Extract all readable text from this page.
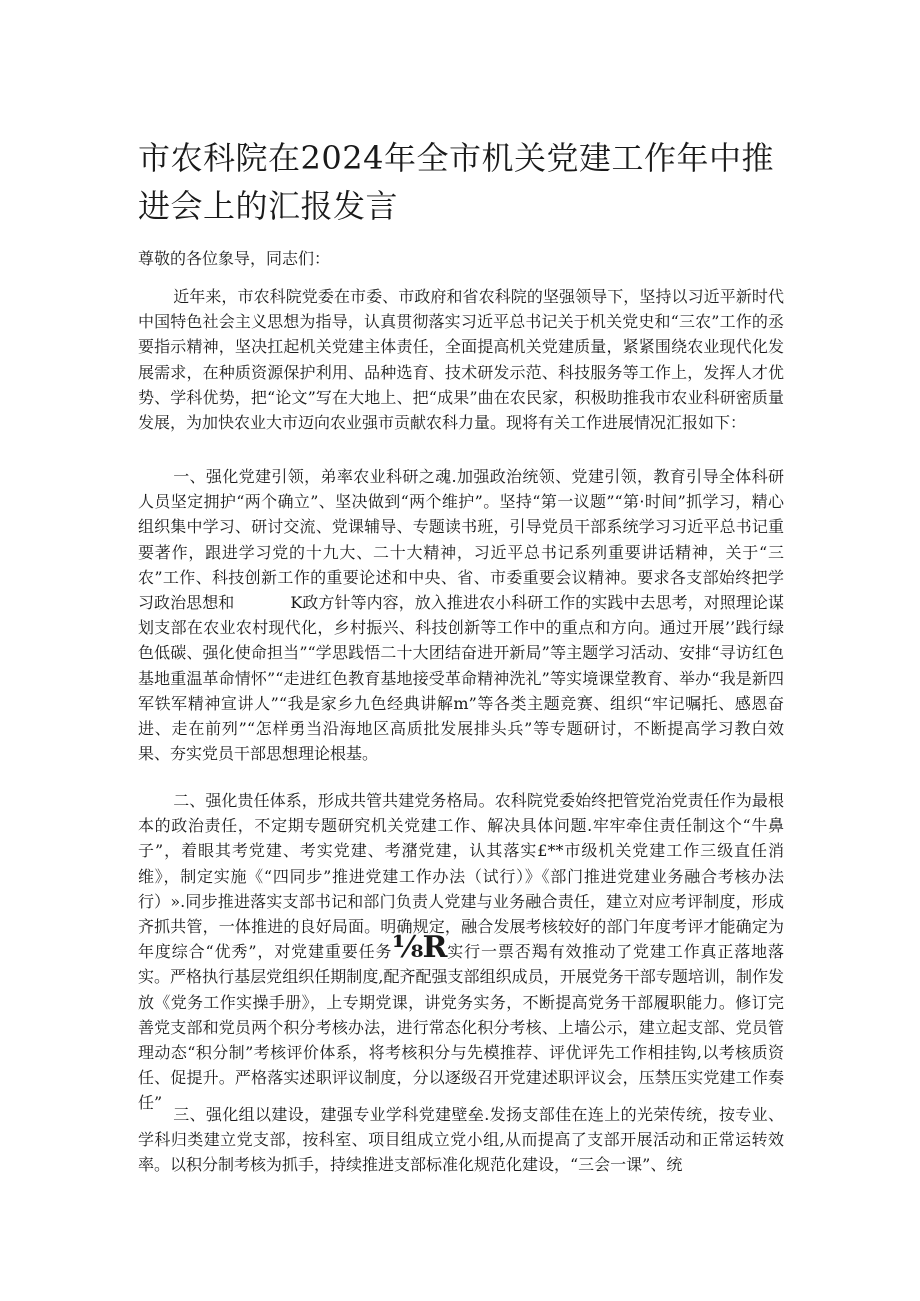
市农科院在2024年全市机关党建工作年中推进会上的汇报发言

尊敬的各位象导，同志们：

近年来，市农科院党委在市委、市政府和省农科院的坚强领导下，坚持以习近平新时代中国特色社会主义思想为指导，认真贯彻落实习近平总书记关于机关党史和“三农”工作的丞要指示精神，坚决扛起机关党建主体责任，全面提高机关党建质量，紧紧围绕农业现代化发展需求，在种质资源保护利用、品种选育、技术研发示范、科技服务等工作上，发挥人才优势、学科优势，把“论文”写在大地上、把“成果”曲在农民家，积极助推我市农业科研密质量发展，为加快农业大市迈向农业强市贡献农科力量。现将有关工作进展情况汇报如下：

一、强化党建引领，弟率农业科研之魂.加强政治统领、党建引领，教育引导全体科研人员坚定拥护“两个确立”、坚决做到“两个维护”。坚持“第一议题”“第·时间”抓学习，精心组织集中学习、研讨交流、党课辅导、专题读书班，引导党员干部系统学习习近平总书记重要著作，跟进学习党的十九大、二十大精神，习近平总书记系列重要讲话精神，关于“三农”工作、科技创新工作的重要论述和中央、省、市委重要会议精神。要求各支部始终把学习政治思想和	K政方针等内容，放入推进农小科研工作的实践中去思考，对照理论谋划支部在农业农村现代化，乡村振兴、科技创新等工作中的重点和方向。通过开展’’践行绿色低碳、强化使命担当”“学思践悟二十大团结奋进开新局”等主题学习活动、安排“寻访红色基地重温革命情怀”“走进红色教育基地接受革命精神洗礼”等实境课堂教育、举办“我是新四军铁军精神宣讲人”“我是家乡九色经典讲解m”等各类主题竞赛、组织“牢记嘱托、感恩奋进、走在前列”“怎样勇当沿海地区高质批发展排头兵”等专题研讨，不断提高学习教白效果、夯实党员干部思想理论根基。

二、强化贵任体系，形成共管共建党务格局。农科院党委始终把管党治党责任作为最根本的政治责任，不定期专题研究机关党建工作、解决具体问题.牢牢牵住责任制这个“牛鼻子”，着眼其考党建、考实党建、考潴党建，认其落实£**市级机关党建工作三级直任消维》，制定实施《“四同步”推进党建工作办法（试行）》《部门推进党建业务融合考核办法行）».同步推进落实支部书记和部门负责人党建与业务融合责任，建立对应考评制度，形成齐抓共管，一体推进的良好局面。明确规定，融合发展考核较好的部门年度考评才能确定为年度综合“优秀”，对党建重要任务⅛R实行一票否羯有效推动了党建工作真正落地落实。严格执行基层党组织任期制度,配齐配强支部组织成员，开展党务干部专题培训，制作发放《党务工作实操手册》，上专期党课，讲党务实务，不断提高党务干部履职能力。修订完善党支部和党员两个积分考核办法，进行常态化积分考核、上墙公示，建立起支部、党员管理动态“积分制”考核评价体系，将考核积分与先模推荐、评优评先工作相挂钩,以考核质资任、促提升。严格落实述职评议制度，分以逐级召开党建述职评议会，压禁压实党建工作奏任”

三、强化组以建设，建强专业学科党建壁垒.发扬支部佳在连上的光荣传统，按专业、学科归类建立党支部，按科室、项目组成立党小组,从而提高了支部开展活动和正常运转效率。以积分制考核为抓手，持续推进支部标准化规范化建设，“三会一课”、统
